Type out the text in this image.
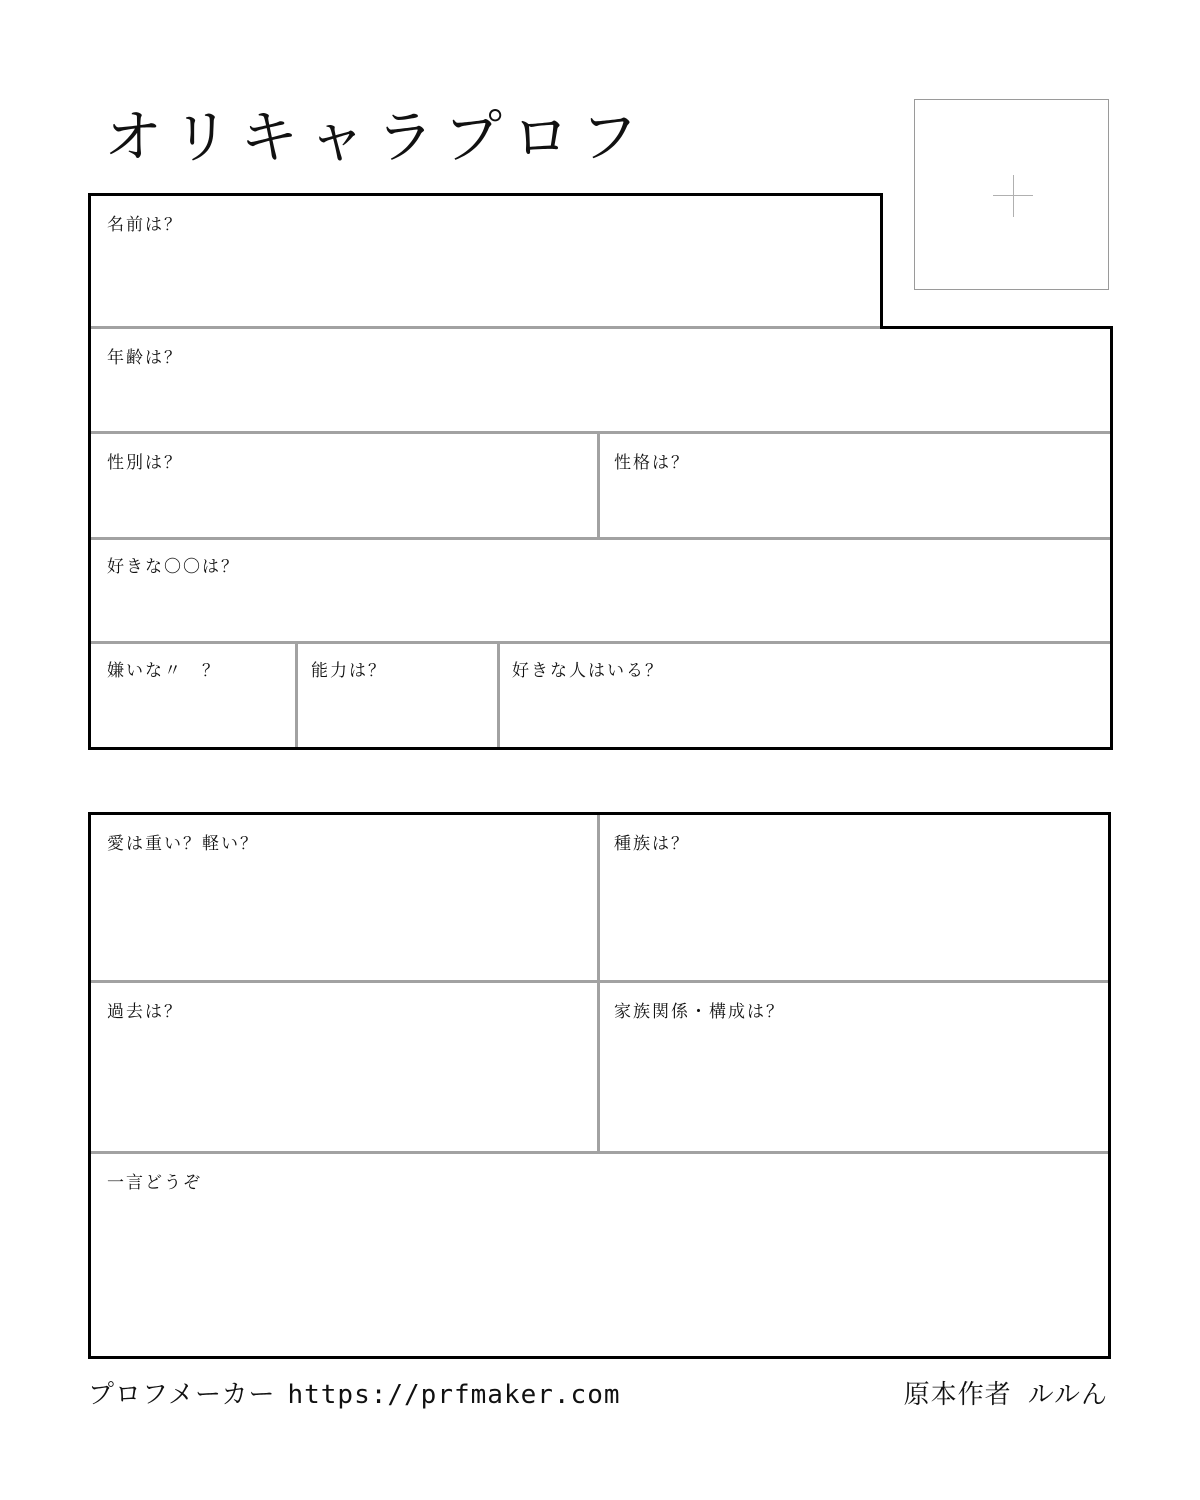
オリキャラプロフ
名前は？
年齢は？
性別は？	性格は？
好きな〇〇は？
嫌いな〃　？	能力は？	好きな人はいる？
愛は重い？軽い？	種族は？
過去は？	家族関係・構成は？
一言どうぞ
プロフメーカー https://prfmaker.com	原本作者 ルルん
